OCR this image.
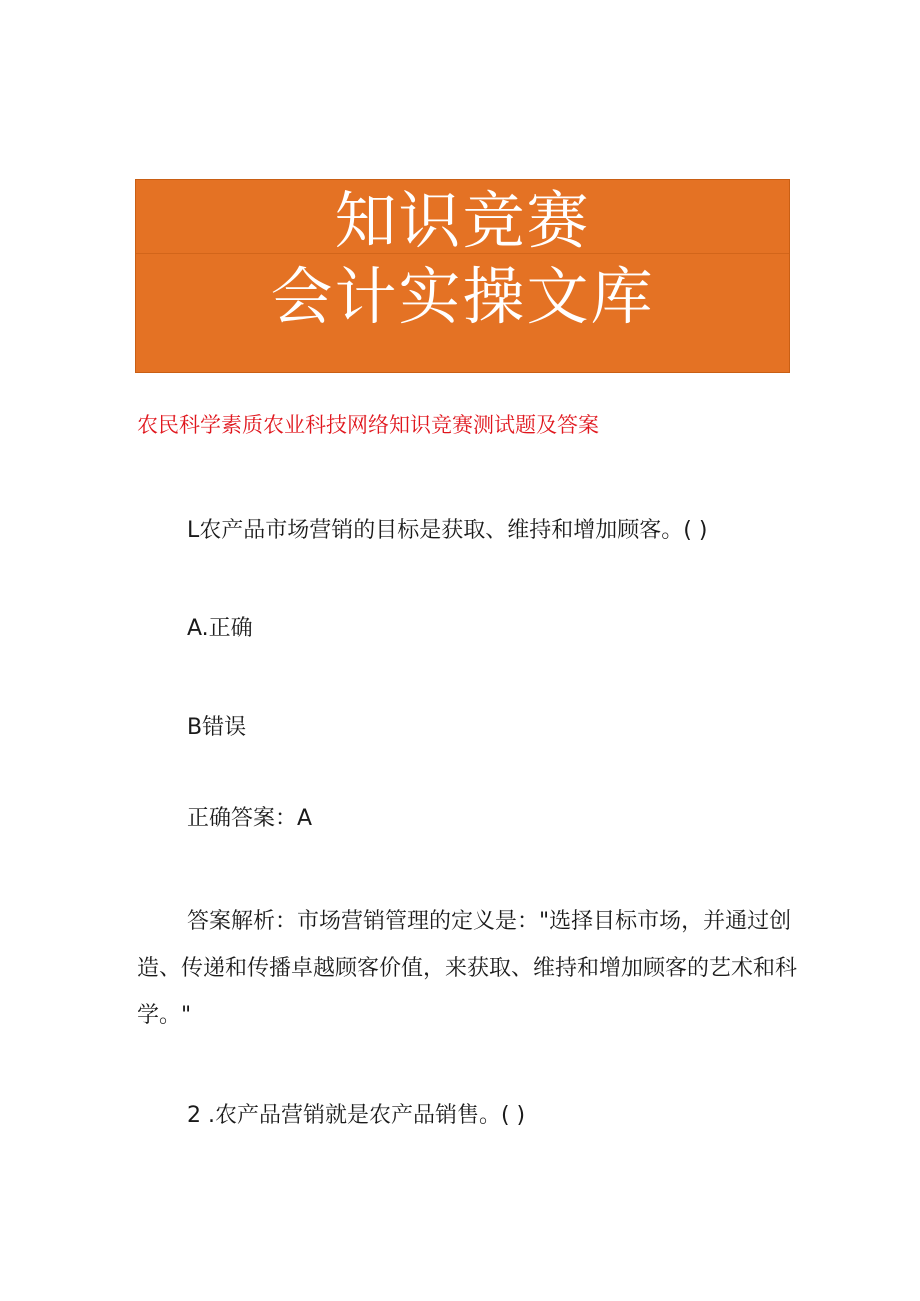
知识竞赛
会计实操文库
农民科学素质农业科技网络知识竞赛测试题及答案
L农产品市场营销的目标是获取、维持和增加顾客。( )
A.正确
B错误
正确答案：A
答案解析：市场营销管理的定义是："选择目标市场，并通过创造、传递和传播卓越顾客价值，来获取、维持和增加顾客的艺术和科学。"
2 .农产品营销就是农产品销售。( )
